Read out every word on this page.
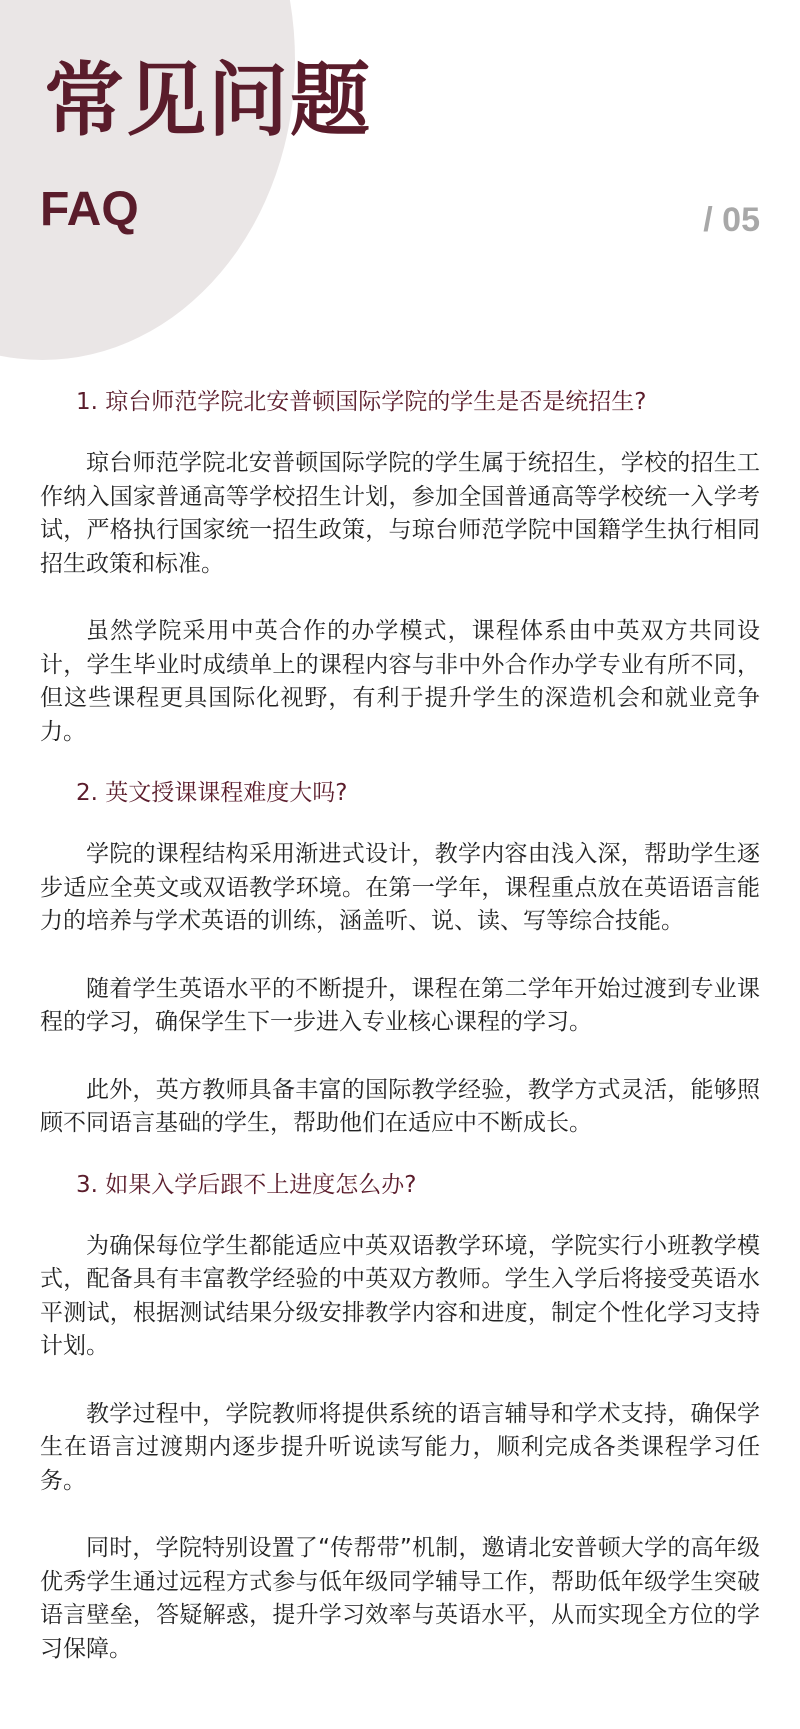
常见问题
FAQ	/ 05
1. 琼台师范学院北安普顿国际学院的学生是否是统招生?

琼台师范学院北安普顿国际学院的学生属于统招生，学校的招生工作纳入国家普通高等学校招生计划，参加全国普通高等学校统一入学考试，严格执行国家统一招生政策，与琼台师范学院中国籍学生执行相同招生政策和标准。

虽然学院采用中英合作的办学模式，课程体系由中英双方共同设计，学生毕业时成绩单上的课程内容与非中外合作办学专业有所不同，但这些课程更具国际化视野，有利于提升学生的深造机会和就业竞争力。

2. 英文授课课程难度大吗?

学院的课程结构采用渐进式设计，教学内容由浅入深，帮助学生逐步适应全英文或双语教学环境。在第一学年，课程重点放在英语语言能力的培养与学术英语的训练，涵盖听、说、读、写等综合技能。

随着学生英语水平的不断提升，课程在第二学年开始过渡到专业课程的学习，确保学生下一步进入专业核心课程的学习。

此外，英方教师具备丰富的国际教学经验，教学方式灵活，能够照顾不同语言基础的学生，帮助他们在适应中不断成长。

3. 如果入学后跟不上进度怎么办?

为确保每位学生都能适应中英双语教学环境，学院实行小班教学模式，配备具有丰富教学经验的中英双方教师。学生入学后将接受英语水平测试，根据测试结果分级安排教学内容和进度，制定个性化学习支持计划。

教学过程中，学院教师将提供系统的语言辅导和学术支持，确保学生在语言过渡期内逐步提升听说读写能力，顺利完成各类课程学习任务。

同时，学院特别设置了“传帮带”机制，邀请北安普顿大学的高年级优秀学生通过远程方式参与低年级同学辅导工作，帮助低年级学生突破语言壁垒，答疑解惑，提升学习效率与英语水平，从而实现全方位的学习保障。
